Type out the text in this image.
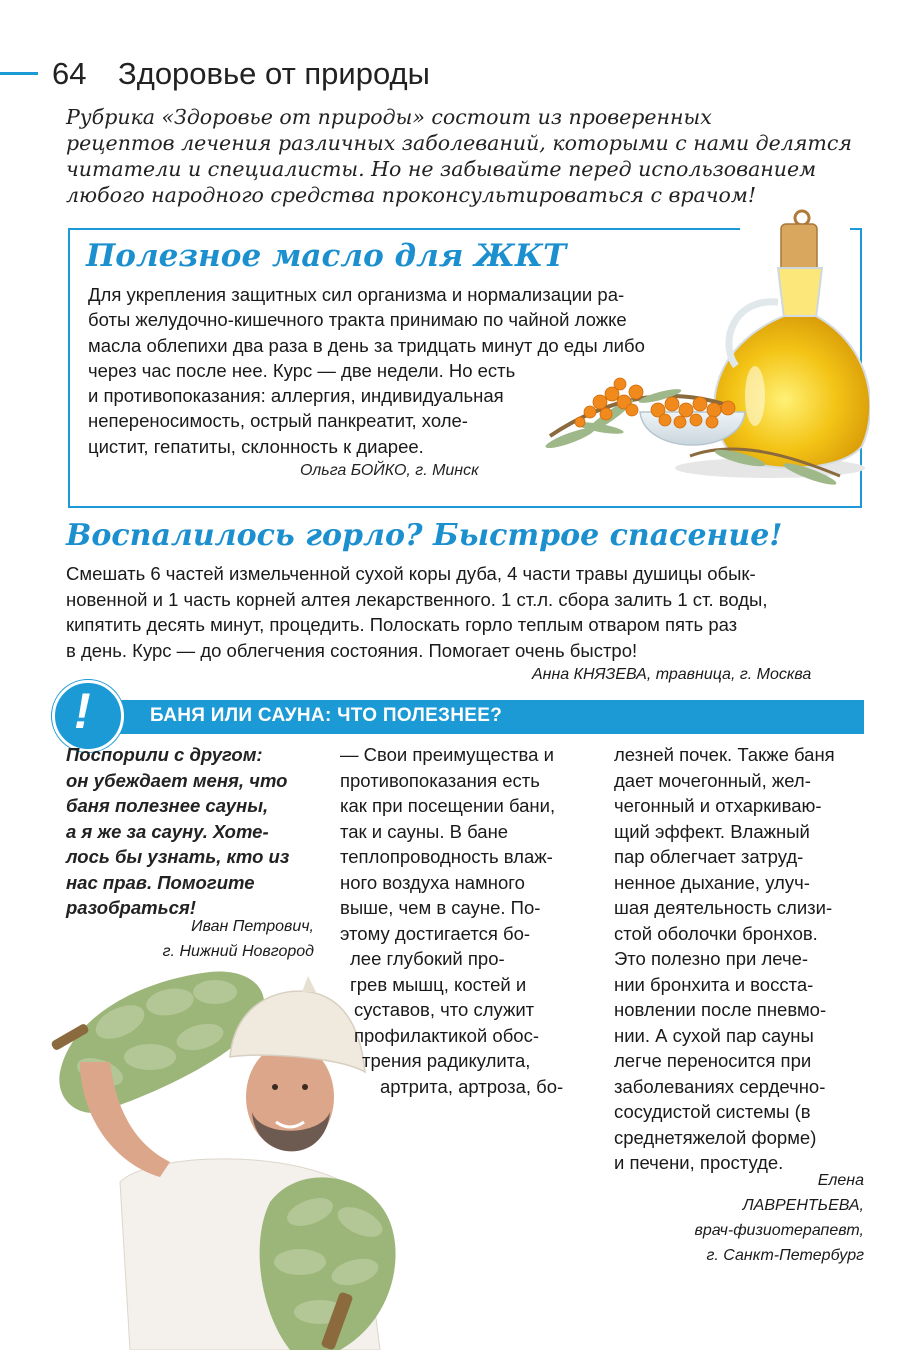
64 Здоровье от природы
Рубрика «Здоровье от природы» состоит из проверенных
рецептов лечения различных заболеваний, которыми с нами делятся
читатели и специалисты. Но не забывайте перед использованием
любого народного средства проконсультироваться с врачом!
Полезное масло для ЖКТ
Для укрепления защитных сил организма и нормализации ра-
боты желудочно-кишечного тракта принимаю по чайной ложке
масла облепихи два раза в день за тридцать минут до еды либо
через час после нее. Курс — две недели. Но есть
и противопоказания: аллергия, индивидуальная
непереносимость, острый панкреатит, холе-
цистит, гепатиты, склонность к диарее.
Ольга БОЙКО, г. Минск
Воспалилось горло? Быстрое спасение!
Смешать 6 частей измельченной сухой коры дуба, 4 части травы душицы обык-
новенной и 1 часть корней алтея лекарственного. 1 ст.л. сбора залить 1 ст. воды,
кипятить десять минут, процедить. Полоскать горло теплым отваром пять раз
в день. Курс — до облегчения состояния. Помогает очень быстро!
Анна КНЯЗЕВА, травница, г. Москва
БАНЯ ИЛИ САУНА: ЧТО ПОЛЕЗНЕЕ?
!
Поспорили с другом:
он убеждает меня, что
баня полезнее сауны,
а я же за сауну. Хоте-
лось бы узнать, кто из
нас прав. Помогите
разобраться!
Иван Петрович,
г. Нижний Новгород
— Свои преимущества и
противопоказания есть
как при посещении бани,
так и сауны. В бане
теплопроводность влаж-
ного воздуха намного
выше, чем в сауне. По-
этому достигается бо-
лее глубокий про-
грев мышц, костей и
суставов, что служит
профилактикой обос-
трения радикулита,
артрита, артроза, бо-
лезней почек. Также баня
дает мочегонный, жел-
чегонный и отхаркиваю-
щий эффект. Влажный
пар облегчает затруд-
ненное дыхание, улуч-
шая деятельность слизи-
стой оболочки бронхов.
Это полезно при лече-
нии бронхита и восста-
новлении после пневмо-
нии. А сухой пар сауны
легче переносится при
заболеваниях сердечно-
сосудистой системы (в
среднетяжелой форме)
и печени, простуде.
Елена
ЛАВРЕНТЬЕВА,
врач-физиотерапевт,
г. Санкт-Петербург
